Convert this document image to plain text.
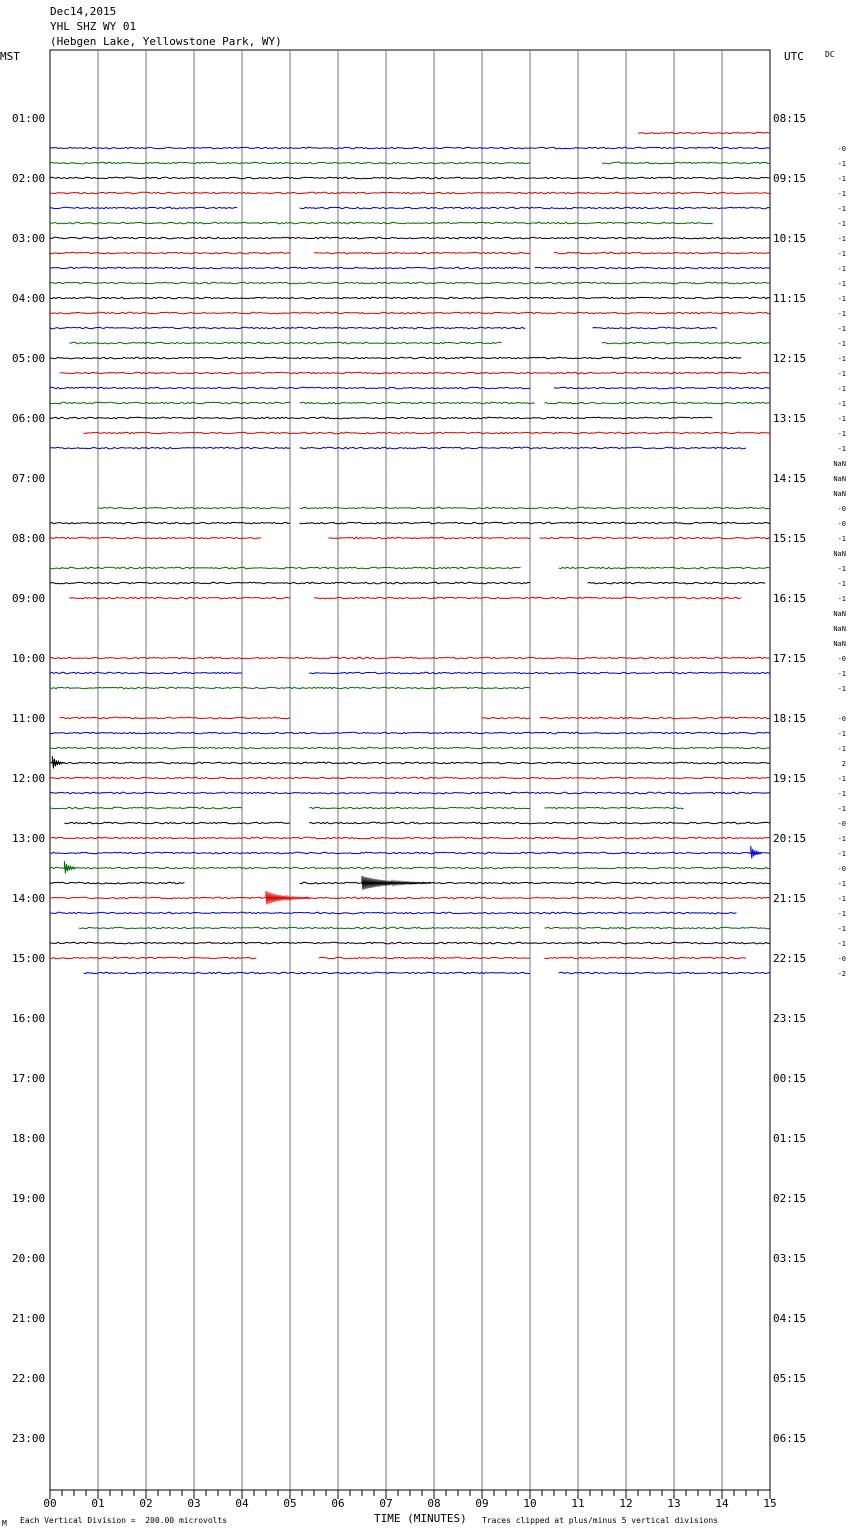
Dec14,2015
YHL SHZ WY 01
(Hebgen Lake, Yellowstone Park, WY)
MST	UTC	DC
01:00
02:00
03:00
04:00
05:00
06:00
07:00
08:00
09:00
10:00
11:00
12:00
13:00
14:00
15:00
16:00
17:00
18:00
19:00
20:00
21:00
22:00
23:00
08:15
09:15
10:15
11:15
12:15
13:15
14:15
15:15
16:15
17:15
18:15
19:15
20:15
21:15
22:15
23:15
00:15
01:15
02:15
03:15
04:15
05:15
06:15
00	01	02	03	04	05	06	07	08	09	10	11	12	13	14	15
-0
-1
-1
-1
-1
-1
-1
-1
-1
-1
-1
-1
-1
-1
-1
-1
-1
-1
-1
-1
-1
NaN
NaN
NaN
-0
-0
-1
NaN
-1
-1
-1
NaN
NaN
NaN
-0
-1
-1
-0
-1
-1
2
-1
-1
-1
-0
-1
-1
-0
-1
-1
-1
-1
-1
-0
-2
M Each Vertical Division =  200.00 microvolts	TIME (MINUTES) Traces clipped at plus/minus 5 vertical divisions
